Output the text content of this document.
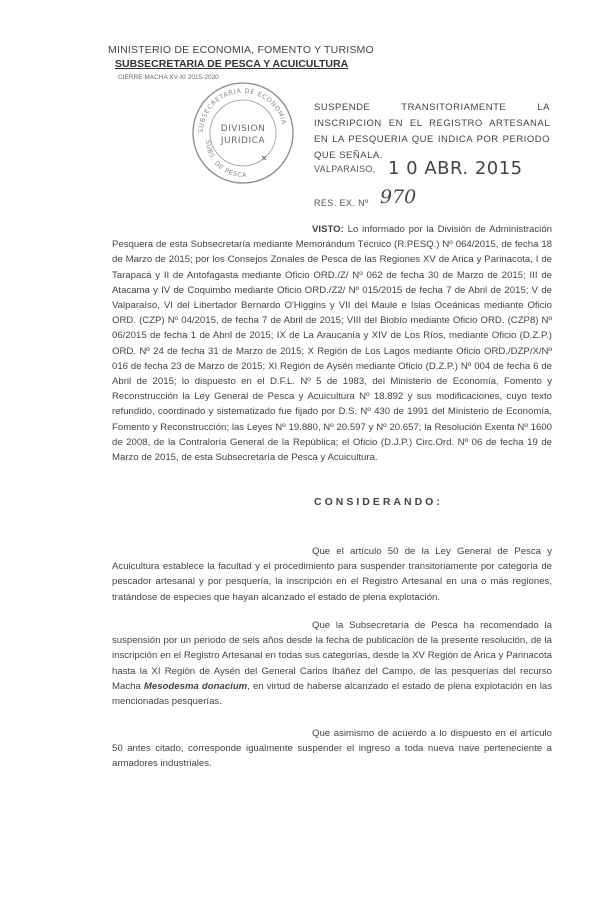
MINISTERIO DE ECONOMIA, FOMENTO Y TURISMO
SUBSECRETARIA DE PESCA Y ACUICULTURA
CIERRE MACHA XV-XI 2015-2020
SUBSECRETARIA DE ECONOMIA
SUBS. DE PESCA
DIVISION
JURIDICA
SUSPENDE TRANSITORIAMENTE LA INSCRIPCION EN EL REGISTRO ARTESANAL EN LA PESQUERIA QUE INDICA POR PERIODO QUE SEÑALA.
VALPARAISO, 1 0 ABR. 2015
RES. EX. Nº 970
VISTO: Lo informado por la División de Administración Pesquera de esta Subsecretaría mediante Memorándum Técnico (R.PESQ.) Nº 064/2015, de fecha 18 de Marzo de 2015; por los Consejos Zonales de Pesca de las Regiones XV de Arica y Parinacota, I de Tarapacá y II de Antofagasta mediante Oficio ORD./Z/ Nº 062 de fecha 30 de Marzo de 2015; III de Atacama y IV de Coquimbo mediante Oficio ORD./Z2/ Nº 015/2015 de fecha 7 de Abril de 2015; V de Valparaíso, VI del Libertador Bernardo O'Higgins y VII del Maule e Islas Oceánicas mediante Oficio ORD. (CZP) Nº 04/2015, de fecha 7 de Abril de 2015; VIII del Biobío mediante Oficio ORD. (CZP8) Nº 06/2015 de fecha 1 de Abril de 2015; IX de La Araucanía y XIV de Los Ríos, mediante Oficio (D.Z.P.) ORD. Nº 24 de fecha 31 de Marzo de 2015; X Región de Los Lagos mediante Oficio ORD./DZP/X/Nº 016 de fecha 23 de Marzo de 2015; XI Región de Aysén mediante Oficio (D.Z.P.) Nº 004 de fecha 6 de Abril de 2015; lo dispuesto en el D.F.L. Nº 5 de 1983, del Ministerio de Economía, Fomento y Reconstrucción la Ley General de Pesca y Acuicultura Nº 18.892 y sus modificaciones, cuyo texto refundido, coordinado y sistematizado fue fijado por D.S. Nº 430 de 1991 del Ministerio de Economía, Fomento y Reconstrucción; las Leyes Nº 19.880, Nº 20.597 y Nº 20.657; la Resolución Exenta Nº 1600 de 2008, de la Contraloría General de la República; el Oficio (D.J.P.) Circ.Ord. Nº 06 de fecha 19 de Marzo de 2015, de esta Subsecretaría de Pesca y Acuicultura.
CONSIDERANDO:
Que el artículo 50 de la Ley General de Pesca y Acuicultura establece la facultad y el procedimiento para suspender transitoriamente por categoría de pescador artesanal y por pesquería, la inscripción en el Registro Artesanal en una o más regiones, tratándose de especies que hayan alcanzado el estado de plena explotación.
Que la Subsecretaría de Pesca ha recomendado la suspensión por un periodo de seis años desde la fecha de publicación de la presente resolución, de la inscripción en el Registro Artesanal en todas sus categorías, desde la XV Región de Arica y Parinacota hasta la XI Región de Aysén del General Carlos Ibáñez del Campo, de las pesquerías del recurso Macha Mesodesma donacium, en virtud de haberse alcanzado el estado de plena explotación en las mencionadas pesquerías.
Que asimismo de acuerdo a lo dispuesto en el artículo 50 antes citado, corresponde igualmente suspender el ingreso a toda nueva nave perteneciente a armadores industriales.
